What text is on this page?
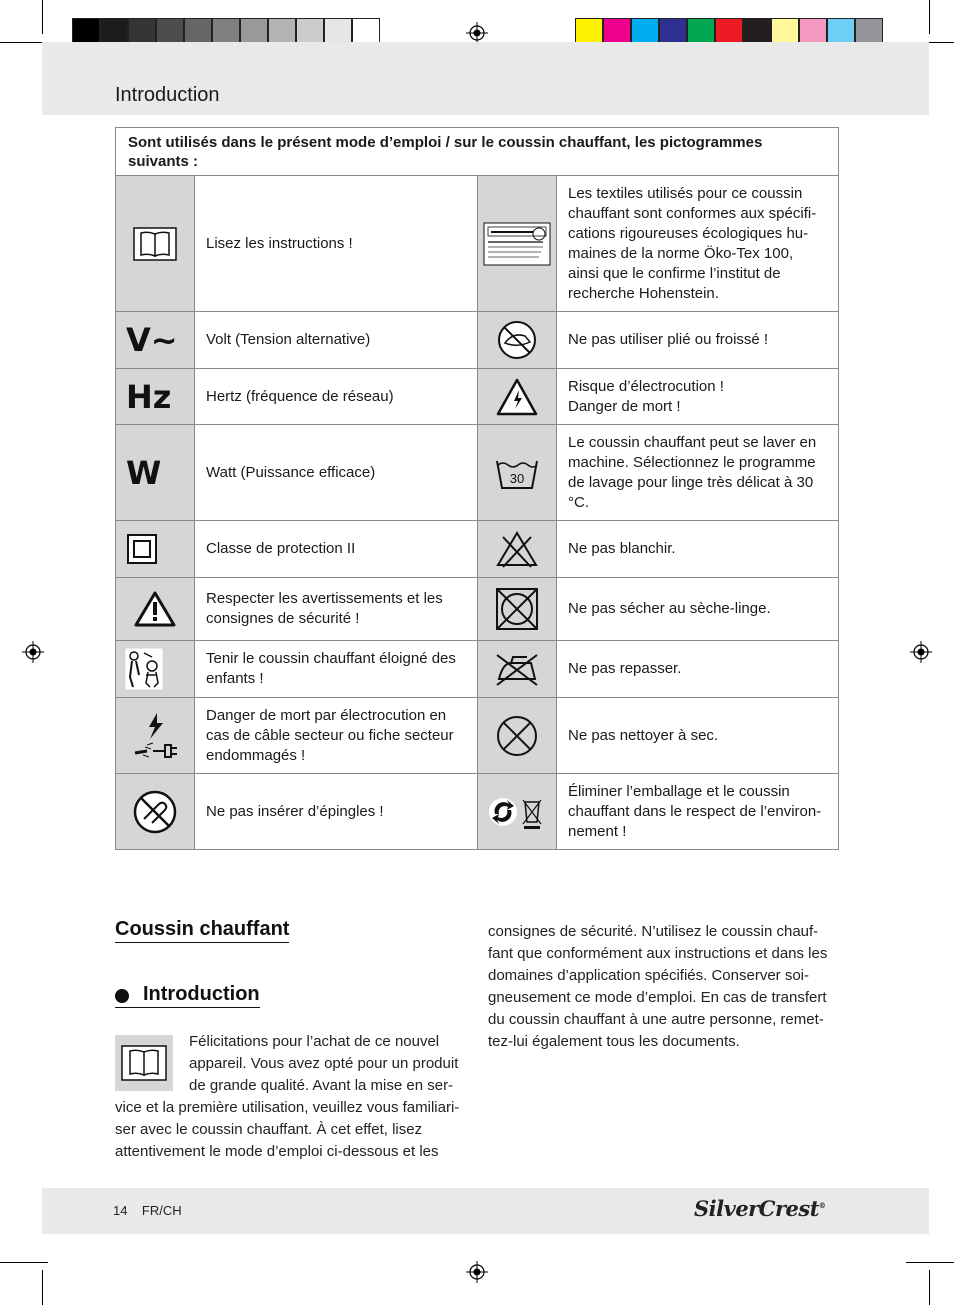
Introduction
Sont utilisés dans le présent mode d’emploi / sur le coussin chauffant, les pictogrammes suivants :			

	Lisez les instructions !		Les textiles utilisés pour ce coussin chauffant sont conformes aux spécifi- cations rigoureuses écologiques hu- maines de la norme Öko-Tex 100, ainsi que le confirme l’institut de recherche Hohenstein.

V~	Volt (Tension alternative)		Ne pas utiliser plié ou froissé !

Hz	Hertz (fréquence de réseau)		Risque d’électrocution !
Danger de mort !

W	Watt (Puissance efficace)	30	Le coussin chauffant peut se laver en machine. Sélectionnez le programme de lavage pour linge très délicat à 30 °C.

	Classe de protection II		Ne pas blanchir.

	Respecter les avertissements et les consignes de sécurité !		Ne pas sécher au sèche-linge.

	Tenir le coussin chauffant éloigné des enfants !		Ne pas repasser.

	Danger de mort par électrocution en cas de câble secteur ou fiche secteur endommagés !		Ne pas nettoyer à sec.

	Ne pas insérer d’épingles !		Éliminer l’emballage et le coussin chauffant dans le respect de l’environ- nement !
Coussin chauffant
Introduction
Félicitations pour l’achat de ce nouvel appareil. Vous avez opté pour un produit de grande qualité. Avant la mise en ser-
vice et la première utilisation, veuillez vous familiari- ser avec le coussin chauffant. À cet effet, lisez attentivement le mode d’emploi ci-dessous et les
consignes de sécurité. N’utilisez le coussin chauf- fant que conformément aux instructions et dans les domaines d’application spécifiés. Conserver soi- gneusement ce mode d’emploi. En cas de transfert du coussin chauffant à une autre personne, remet- tez-lui également tous les documents.
14 FR/CH	SilverCrest®
